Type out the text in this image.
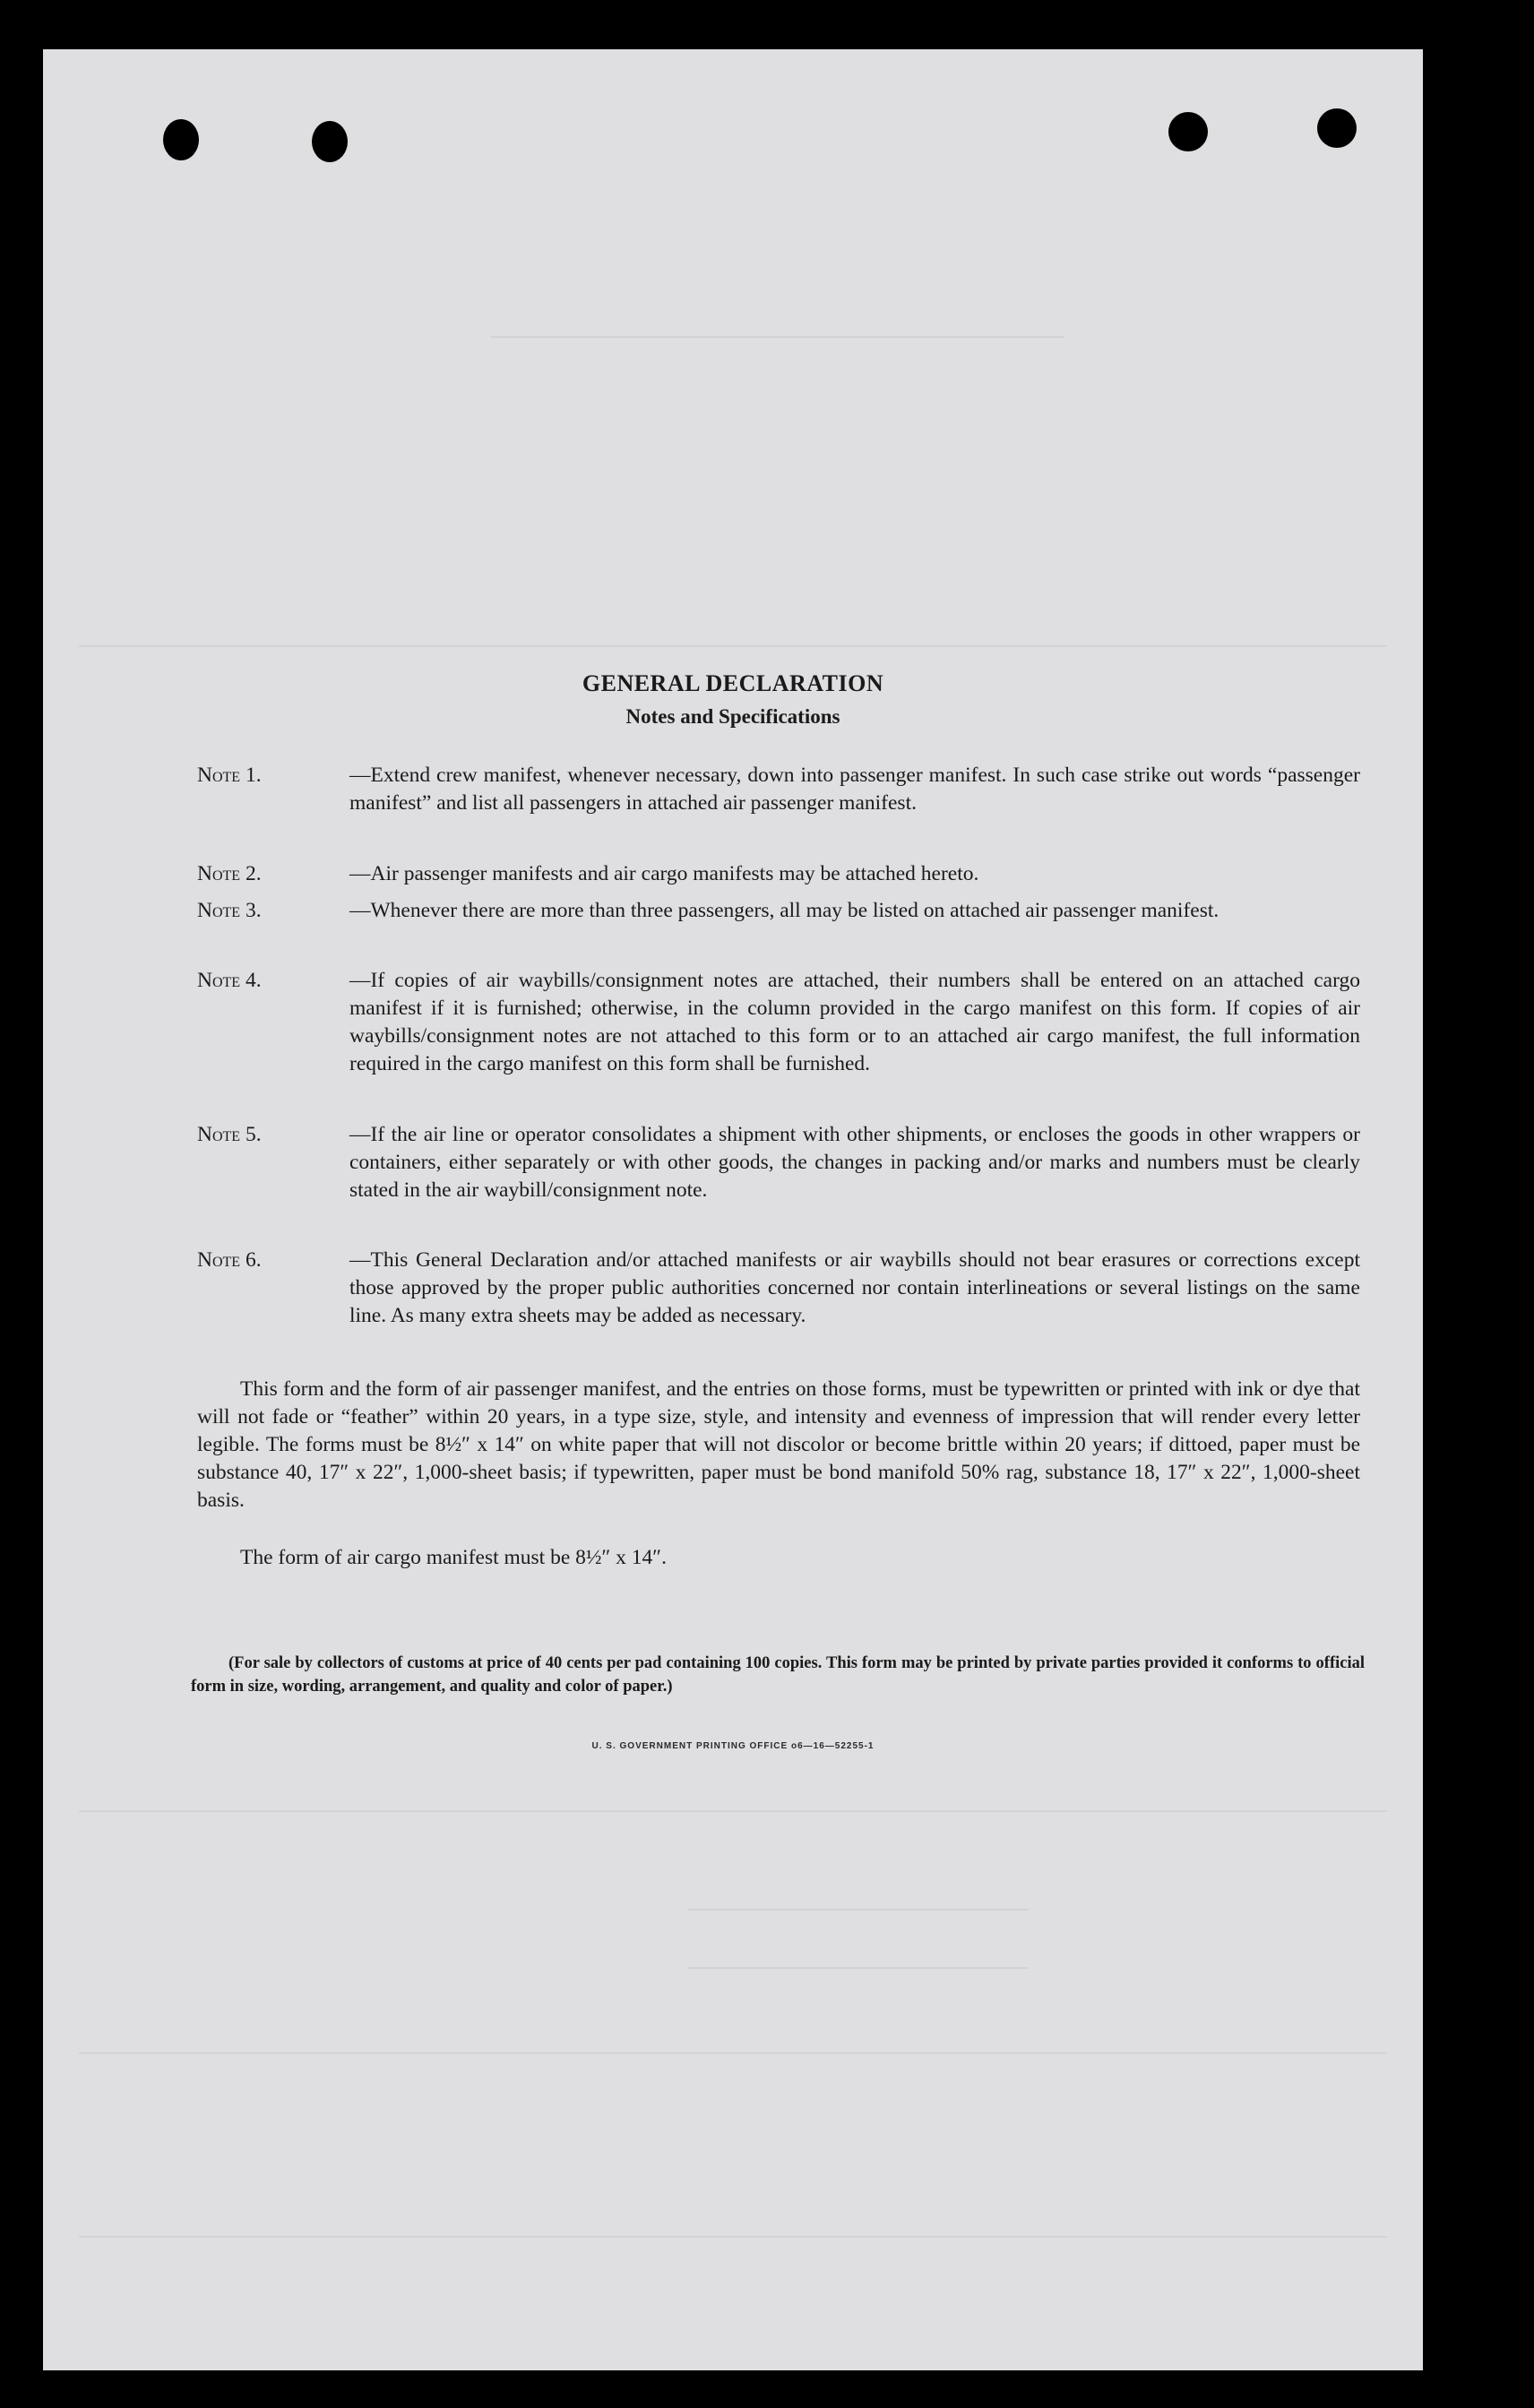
GENERAL DECLARATION
Notes and Specifications
Note 1.	—Extend crew manifest, whenever necessary, down into passenger manifest. In such case strike out words “passenger manifest” and list all passengers in attached air passenger manifest.
Note 2.	—Air passenger manifests and air cargo manifests may be attached hereto.
Note 3.	—Whenever there are more than three passengers, all may be listed on attached air passenger manifest.
Note 4.	—If copies of air waybills/consignment notes are attached, their numbers shall be entered on an attached cargo manifest if it is furnished; otherwise, in the column provided in the cargo manifest on this form. If copies of air waybills/consignment notes are not attached to this form or to an attached air cargo manifest, the full information required in the cargo manifest on this form shall be furnished.
Note 5.	—If the air line or operator consolidates a shipment with other shipments, or encloses the goods in other wrappers or containers, either separately or with other goods, the changes in packing and/or marks and numbers must be clearly stated in the air waybill/consignment note.
Note 6.	—This General Declaration and/or attached manifests or air waybills should not bear erasures or corrections except those approved by the proper public authorities concerned nor contain interlineations or several listings on the same line. As many extra sheets may be added as necessary.
This form and the form of air passenger manifest, and the entries on those forms, must be typewritten or printed with ink or dye that will not fade or “feather” within 20 years, in a type size, style, and intensity and evenness of impression that will render every letter legible. The forms must be 8½″ x 14″ on white paper that will not discolor or become brittle within 20 years; if dittoed, paper must be substance 40, 17″ x 22″, 1,000-sheet basis; if typewritten, paper must be bond manifold 50% rag, substance 18, 17″ x 22″, 1,000-sheet basis.
The form of air cargo manifest must be 8½″ x 14″.
(For sale by collectors of customs at price of 40 cents per pad containing 100 copies. This form may be printed by private parties provided it conforms to official form in size, wording, arrangement, and quality and color of paper.)
U. S. GOVERNMENT PRINTING OFFICE o6—16—52255-1
